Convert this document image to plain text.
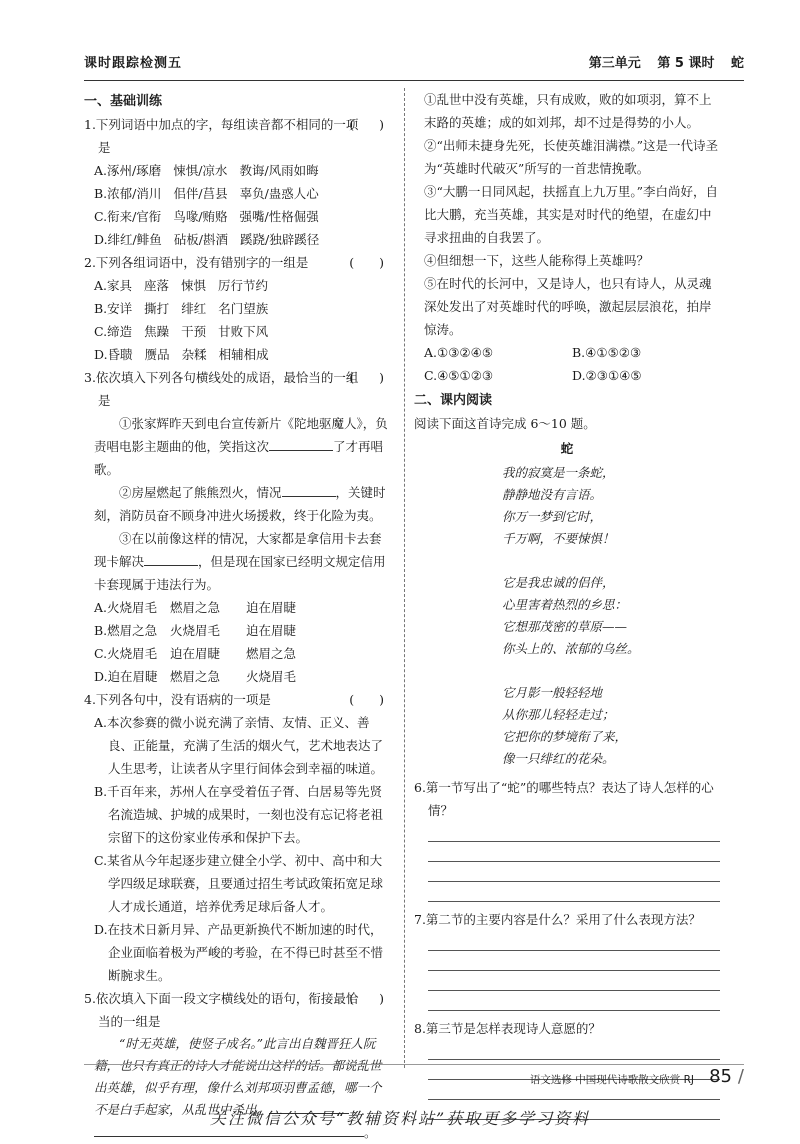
课时跟踪检测五	第三单元 第 5 课时 蛇
一、基础训练
(　　)
1.下列词语中加点的字，每组读音都不相同的一项是
A.涿州/琢磨 悚惧/凉水 教诲/风雨如晦
B.浓郁/消川 佀伴/莒县 辜负/蛊惑人心
C.衔来/官衔 鸟喙/贿赂 强嘴/性格倔强
D.绯红/鲱鱼 砧板/斟酒 蹊跷/独辟蹊径
(　　)
2.下列各组词语中，没有错别字的一组是
A.家具 座落 悚惧 厉行节约
B.安详 撕打 绯红 名门望族
C.缔造 焦躁 干预 甘败下风
D.昏聩 赝品 杂糅 相辅相成
(　　)
3.依次填入下列各句横线处的成语，最恰当的一组是
①张家辉昨天到电台宣传新片《陀地驱魔人》，负责唱电影主题曲的他，笑指这次	了才再唱歌。
②房屋燃起了熊熊烈火，情况	，关键时刻，消防员奋不顾身冲进火场援救，终于化险为夷。
③在以前像这样的情况，大家都是拿信用卡去套现卡解决	，但是现在国家已经明文规定信用卡套现属于违法行为。
A.火烧眉毛 燃眉之急 迫在眉睫
B.燃眉之急 火烧眉毛 迫在眉睫
C.火烧眉毛 迫在眉睫 燃眉之急
D.迫在眉睫 燃眉之急 火烧眉毛
(　　)
4.下列各句中，没有语病的一项是
A.本次参赛的微小说充满了亲情、友情、正义、善良、正能量，充满了生活的烟火气，艺术地表达了人生思考，让读者从字里行间体会到幸福的味道。
B.千百年来，苏州人在享受着伍子胥、白居易等先贤名流造城、护城的成果时，一刻也没有忘记将老祖宗留下的这份家业传承和保护下去。
C.某省从今年起逐步建立健全小学、初中、高中和大学四级足球联赛，且要通过招生考试政策拓宽足球人才成长通道，培养优秀足球后备人才。
D.在技术日新月异、产品更新换代不断加速的时代，企业面临着极为严峻的考验，在不得已时甚至不惜断腕求生。
(　　)
5.依次填入下面一段文字横线处的语句，衔接最恰当的一组是
“时无英雄，使竖子成名。”此言出自魏晋狂人阮籍，也只有真正的诗人才能说出这样的话。都说乱世出英雄，似乎有理，像什么刘邦项羽曹孟德，哪一个不是白手起家，从乱世中杀出。
。
①乱世中没有英雄，只有成败，败的如项羽，算不上末路的英雄；成的如刘邦，却不过是得势的小人。
②“出师未捷身先死，长使英雄泪满襟。”这是一代诗圣为“英雄时代破灭”所写的一首悲情挽歌。
③“大鹏一日同风起，扶摇直上九万里。”李白尚好，自比大鹏，充当英雄，其实是对时代的绝望，在虚幻中寻求扭曲的自我罢了。
④但细想一下，这些人能称得上英雄吗？
⑤在时代的长河中，又是诗人，也只有诗人，从灵魂深处发出了对英雄时代的呼唤，激起层层浪花，拍岸惊涛。
A.①③②④⑤	B.④①⑤②③
C.④⑤①②③	D.②③①④⑤
二、课内阅读
阅读下面这首诗完成 6～10 题。
蛇
我的寂寞是一条蛇，
静静地没有言语。
你万一梦到它时，
千万啊，不要悚惧！
它是我忠诚的侣伴，
心里害着热烈的乡思：
它想那茂密的草原——
你头上的、浓郁的乌丝。
它月影一般轻轻地
从你那儿轻轻走过；
它把你的梦境衔了来，
像一只绯红的花朵。
6.第一节写出了“蛇”的哪些特点？表达了诗人怎样的心情？
7.第二节的主要内容是什么？采用了什么表现方法？
8.第三节是怎样表现诗人意愿的？
语文选修 中国现代诗歌散文欣赏 RJ 85 /
关注微信公众号“教辅资料站”获取更多学习资料
